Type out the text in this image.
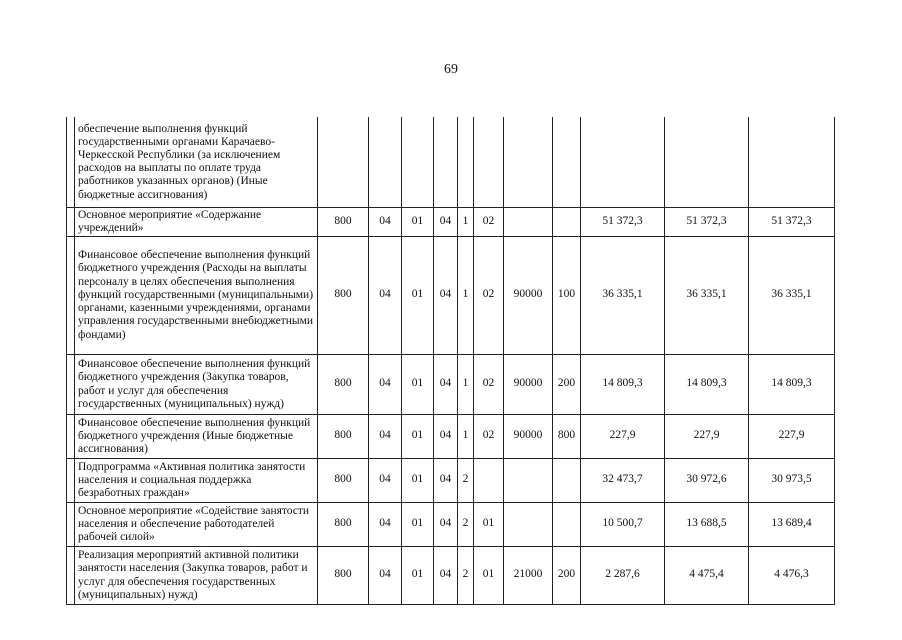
69
	обеспечение выполнения функций государственными органами Карачаево-Черкесской Республики (за исключением расходов на выплаты по оплате труда работников указанных органов) (Иные бюджетные ассигнования)											
	Основное мероприятие «Содержание учреждений»	800	04	01	04	1	02			51 372,3	51 372,3	51 372,3
	Финансовое обеспечение выполнения функций бюджетного учреждения (Расходы на выплаты персоналу в целях обеспечения выполнения функций государственными (муниципальными) органами, казенными учреждениями, органами управления государственными внебюджетными фондами)	800	04	01	04	1	02	90000	100	36 335,1	36 335,1	36 335,1
	Финансовое обеспечение выполнения функций бюджетного учреждения (Закупка товаров, работ и услуг для обеспечения государственных (муниципальных) нужд)	800	04	01	04	1	02	90000	200	14 809,3	14 809,3	14 809,3
	Финансовое обеспечение выполнения функций бюджетного учреждения (Иные бюджетные ассигнования)	800	04	01	04	1	02	90000	800	227,9	227,9	227,9
	Подпрограмма «Активная политика занятости населения и социальная поддержка безработных граждан»	800	04	01	04	2				32 473,7	30 972,6	30 973,5
	Основное мероприятие «Содействие занятости населения и обеспечение работодателей рабочей силой»	800	04	01	04	2	01			10 500,7	13 688,5	13 689,4
	Реализация мероприятий активной политики занятости населения (Закупка товаров, работ и услуг для обеспечения государственных (муниципальных) нужд)	800	04	01	04	2	01	21000	200	2 287,6	4 475,4	4 476,3
